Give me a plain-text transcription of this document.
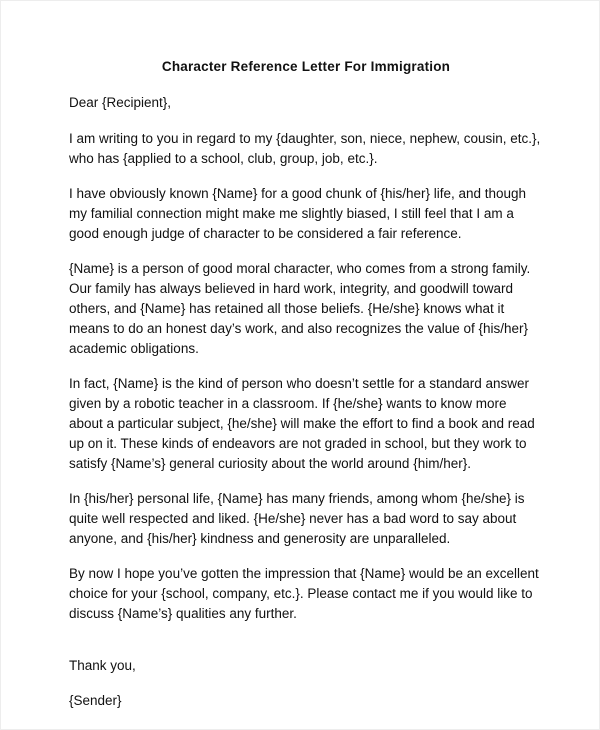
Character Reference Letter For Immigration

Dear {Recipient},

I am writing to you in regard to my {daughter, son, niece, nephew, cousin, etc.}, who has {applied to a school, club, group, job, etc.}.

I have obviously known {Name} for a good chunk of {his/her} life, and though my familial connection might make me slightly biased, I still feel that I am a good enough judge of character to be considered a fair reference.

{Name} is a person of good moral character, who comes from a strong family. Our family has always believed in hard work, integrity, and goodwill toward others, and {Name} has retained all those beliefs. {He/she} knows what it means to do an honest day’s work, and also recognizes the value of {his/her} academic obligations.

In fact, {Name} is the kind of person who doesn’t settle for a standard answer given by a robotic teacher in a classroom. If {he/she} wants to know more about a particular subject, {he/she} will make the effort to find a book and read up on it. These kinds of endeavors are not graded in school, but they work to satisfy {Name’s} general curiosity about the world around {him/her}.

In {his/her} personal life, {Name} has many friends, among whom {he/she} is quite well respected and liked. {He/she} never has a bad word to say about anyone, and {his/her} kindness and generosity are unparalleled.

By now I hope you’ve gotten the impression that {Name} would be an excellent choice for your {school, company, etc.}. Please contact me if you would like to discuss {Name’s} qualities any further.

Thank you,

{Sender}
